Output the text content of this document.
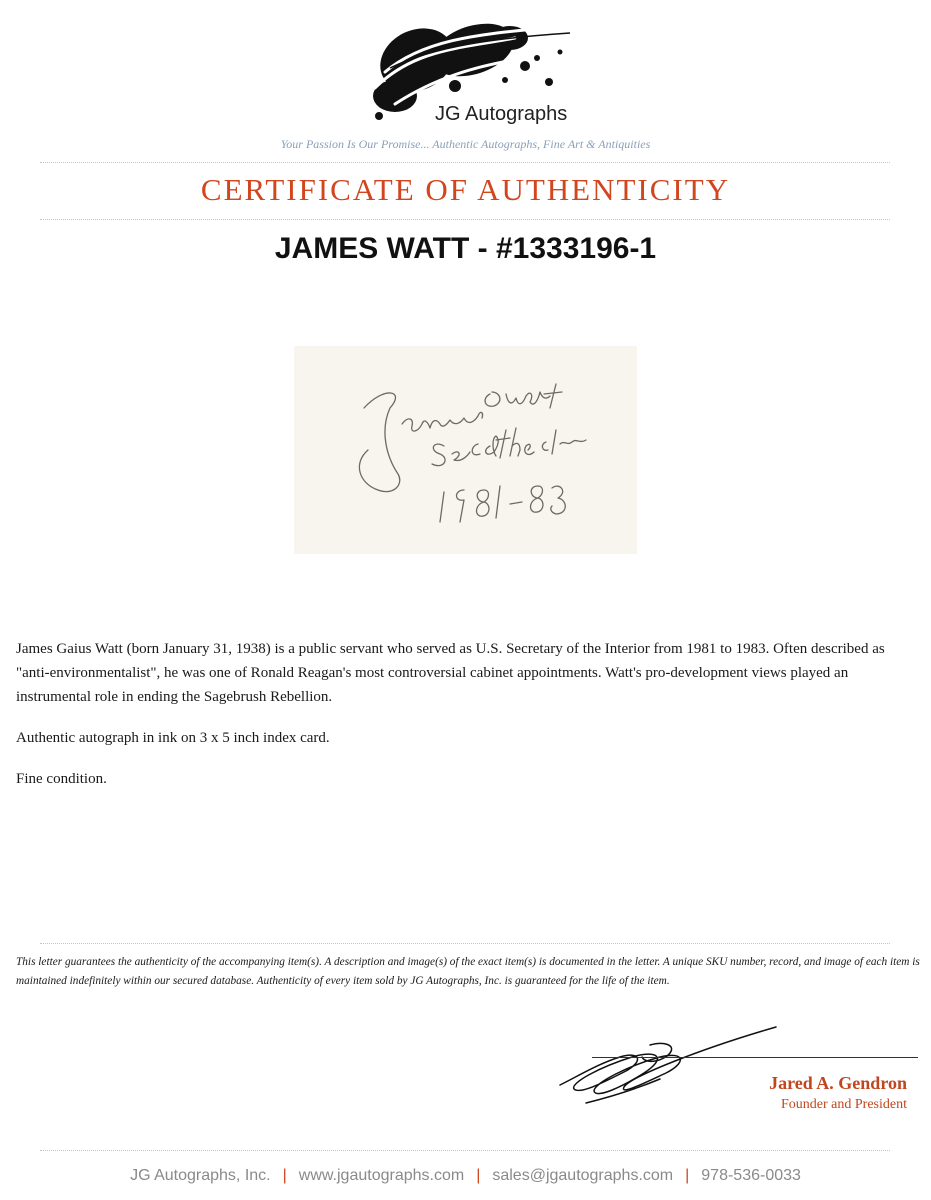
JG Autographs
Your Passion Is Our Promise... Authentic Autographs, Fine Art & Antiquities
CERTIFICATE OF AUTHENTICITY
JAMES WATT - #1333196-1

James Gaius Watt (born January 31, 1938) is a public servant who served as U.S. Secretary of the Interior from 1981 to 1983. Often described as "anti-environmentalist", he was one of Ronald Reagan's most controversial cabinet appointments. Watt's pro-development views played an instrumental role in ending the Sagebrush Rebellion.

Authentic autograph in ink on 3 x 5 inch index card.

Fine condition.

This letter guarantees the authenticity of the accompanying item(s). A description and image(s) of the exact item(s) is documented in the letter. A unique SKU number, record, and image of each item is maintained indefinitely within our secured database. Authenticity of every item sold by JG Autographs, Inc. is guaranteed for the life of the item.
Jared A. Gendron
Founder and President
JG Autographs, Inc. | www.jgautographs.com | sales@jgautographs.com | 978-536-0033
